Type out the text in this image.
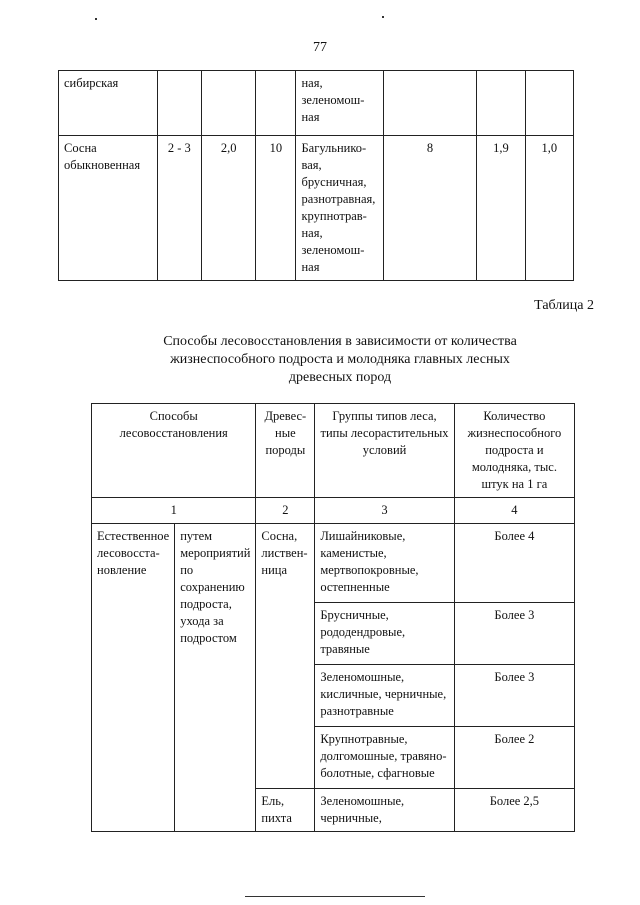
77
сибирская				ная, зеленомош-ная			
Сосна обыкновенная	2 - 3	2,0	10	Багульнико-вая, брусничная, разнотравная, крупнотрав-ная, зеленомош-ная	8	1,9	1,0
Таблица 2
Способы лесовосстановления в зависимости от количества жизнеспособного подроста и молодняка главных лесных древесных пород
Способы лесовосстановления		Древес-ные породы	Группы типов леса, типы лесорастительных условий	Количество жизнеспособного подроста и молодняка, тыс. штук на 1 га
1		2	3	4
Естественное лесовосста-новление	путем мероприятий по сохранению подроста, ухода за подростом	Сосна, листвен-ница	Лишайниковые, каменистые, мертвопокровные, остепненные	Более 4
			Брусничные, рододендровые, травяные	Более 3
			Зеленомошные, кисличные, черничные, разнотравные	Более 3
			Крупнотравные, долгомошные, травяно-болотные, сфагновые	Более 2
		Ель, пихта	Зеленомошные, черничные,	Более 2,5
